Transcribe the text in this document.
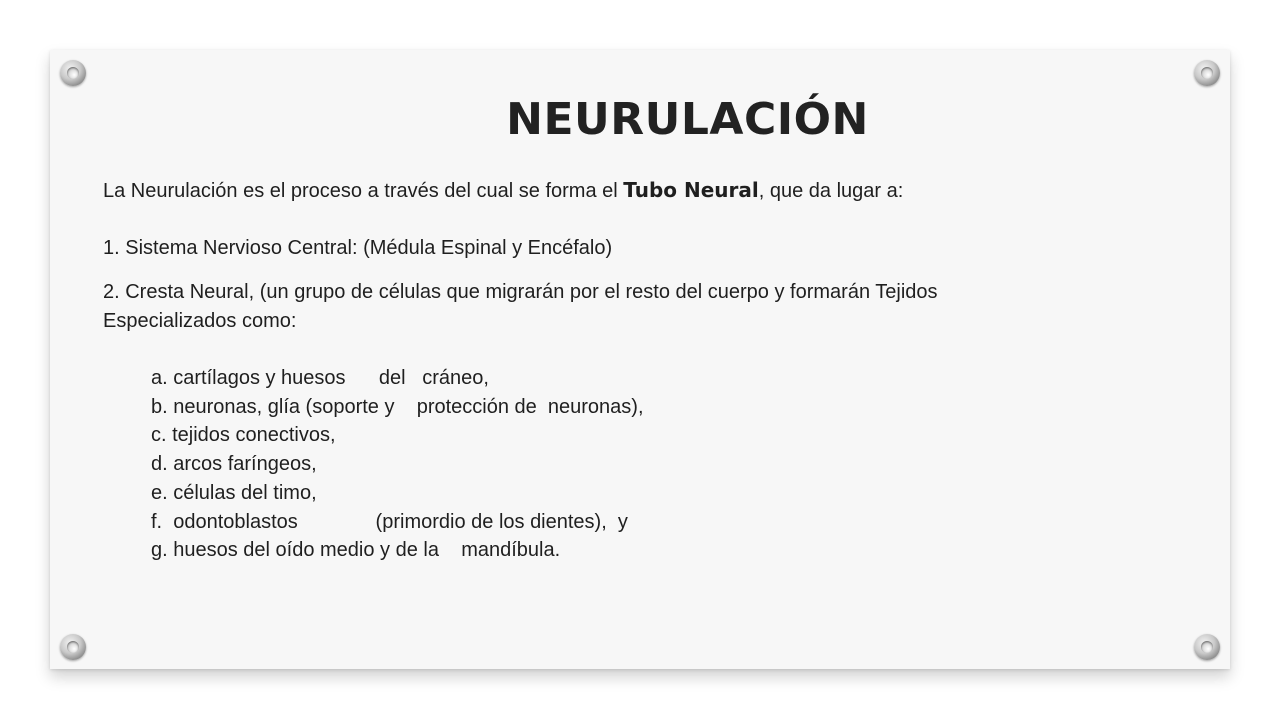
NEURULACIÓN

La Neurulación es el proceso a través del cual se forma el Tubo Neural, que da lugar a:

1. Sistema Nervioso Central: (Médula Espinal y Encéfalo)

2. Cresta Neural, (un grupo de células que migrarán por el resto del cuerpo y formarán Tejidos Especializados como:

a. cartílagos y huesos      del   cráneo,
b. neuronas, glía (soporte y    protección de  neuronas),
c. tejidos conectivos,
d. arcos faríngeos,
e. células del timo,
f.  odontoblastos              (primordio de los dientes),  y
g. huesos del oído medio y de la    mandíbula.
